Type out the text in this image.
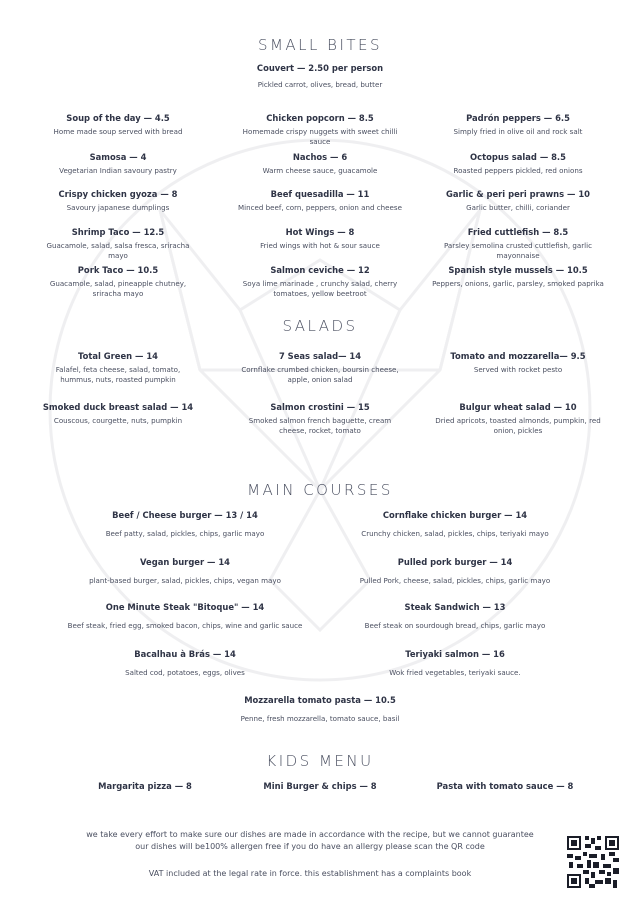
SMALL BITES
Couvert — 2.50 per person
Pickled carrot, olives, bread, butter
Soup of the day — 4.5
Home made soup served with bread
Chicken popcorn — 8.5
Homemade crispy nuggets with sweet chilli sauce
Padrón peppers — 6.5
Simply fried in olive oil and rock salt
Samosa — 4
Vegetarian Indian savoury pastry
Nachos — 6
Warm cheese sauce, guacamole
Octopus salad — 8.5
Roasted peppers pickled, red onions
Crispy chicken gyoza — 8
Savoury japanese dumplings
Beef quesadilla — 11
Minced beef, corn, peppers, onion and cheese
Garlic & peri peri prawns — 10
Garlic butter, chilli, coriander
Shrimp Taco — 12.5
Guacamole, salad, salsa fresca, sriracha mayo
Hot Wings — 8
Fried wings with hot & sour sauce
Fried cuttlefish — 8.5
Parsley semolina crusted cuttlefish, garlic mayonnaise
Pork Taco — 10.5
Guacamole, salad, pineapple chutney, sriracha mayo
Salmon ceviche — 12
Soya lime marinade , crunchy salad, cherry tomatoes, yellow beetroot
Spanish style mussels — 10.5
Peppers, onions, garlic, parsley, smoked paprika
SALADS
Total Green — 14
Falafel, feta cheese, salad, tomato, hummus, nuts, roasted pumpkin
7 Seas salad— 14
Cornflake crumbed chicken, boursin cheese, apple, onion salad
Tomato and mozzarella— 9.5
Served with rocket pesto
Smoked duck breast salad — 14
Couscous, courgette, nuts, pumpkin
Salmon crostini — 15
Smoked salmon french baguette, cream cheese, rocket, tomato
Bulgur wheat salad — 10
Dried apricots, toasted almonds, pumpkin, red onion, pickles
MAIN COURSES
Beef / Cheese burger — 13 / 14
Beef patty, salad, pickles, chips, garlic mayo
Cornflake chicken burger — 14
Crunchy chicken, salad, pickles, chips, teriyaki mayo
Vegan burger — 14
plant-based burger, salad, pickles, chips, vegan mayo
Pulled pork burger — 14
Pulled Pork, cheese, salad, pickles, chips, garlic mayo
One Minute Steak "Bitoque" — 14
Beef steak, fried egg, smoked bacon, chips, wine and garlic sauce
Steak Sandwich — 13
Beef steak on sourdough bread, chips, garlic mayo
Bacalhau à Brás — 14
Salted cod, potatoes, eggs, olives
Teriyaki salmon — 16
Wok fried vegetables, teriyaki sauce.
Mozzarella tomato pasta — 10.5
Penne, fresh mozzarella, tomato sauce, basil
KIDS MENU
Margarita pizza — 8	Mini Burger & chips — 8	Pasta with tomato sauce — 8
we take every effort to make sure our dishes are made in accordance with the recipe, but we cannot guarantee
our dishes will be100% allergen free if you do have an allergy please scan the QR code
VAT included at the legal rate in force. this establishment has a complaints book
